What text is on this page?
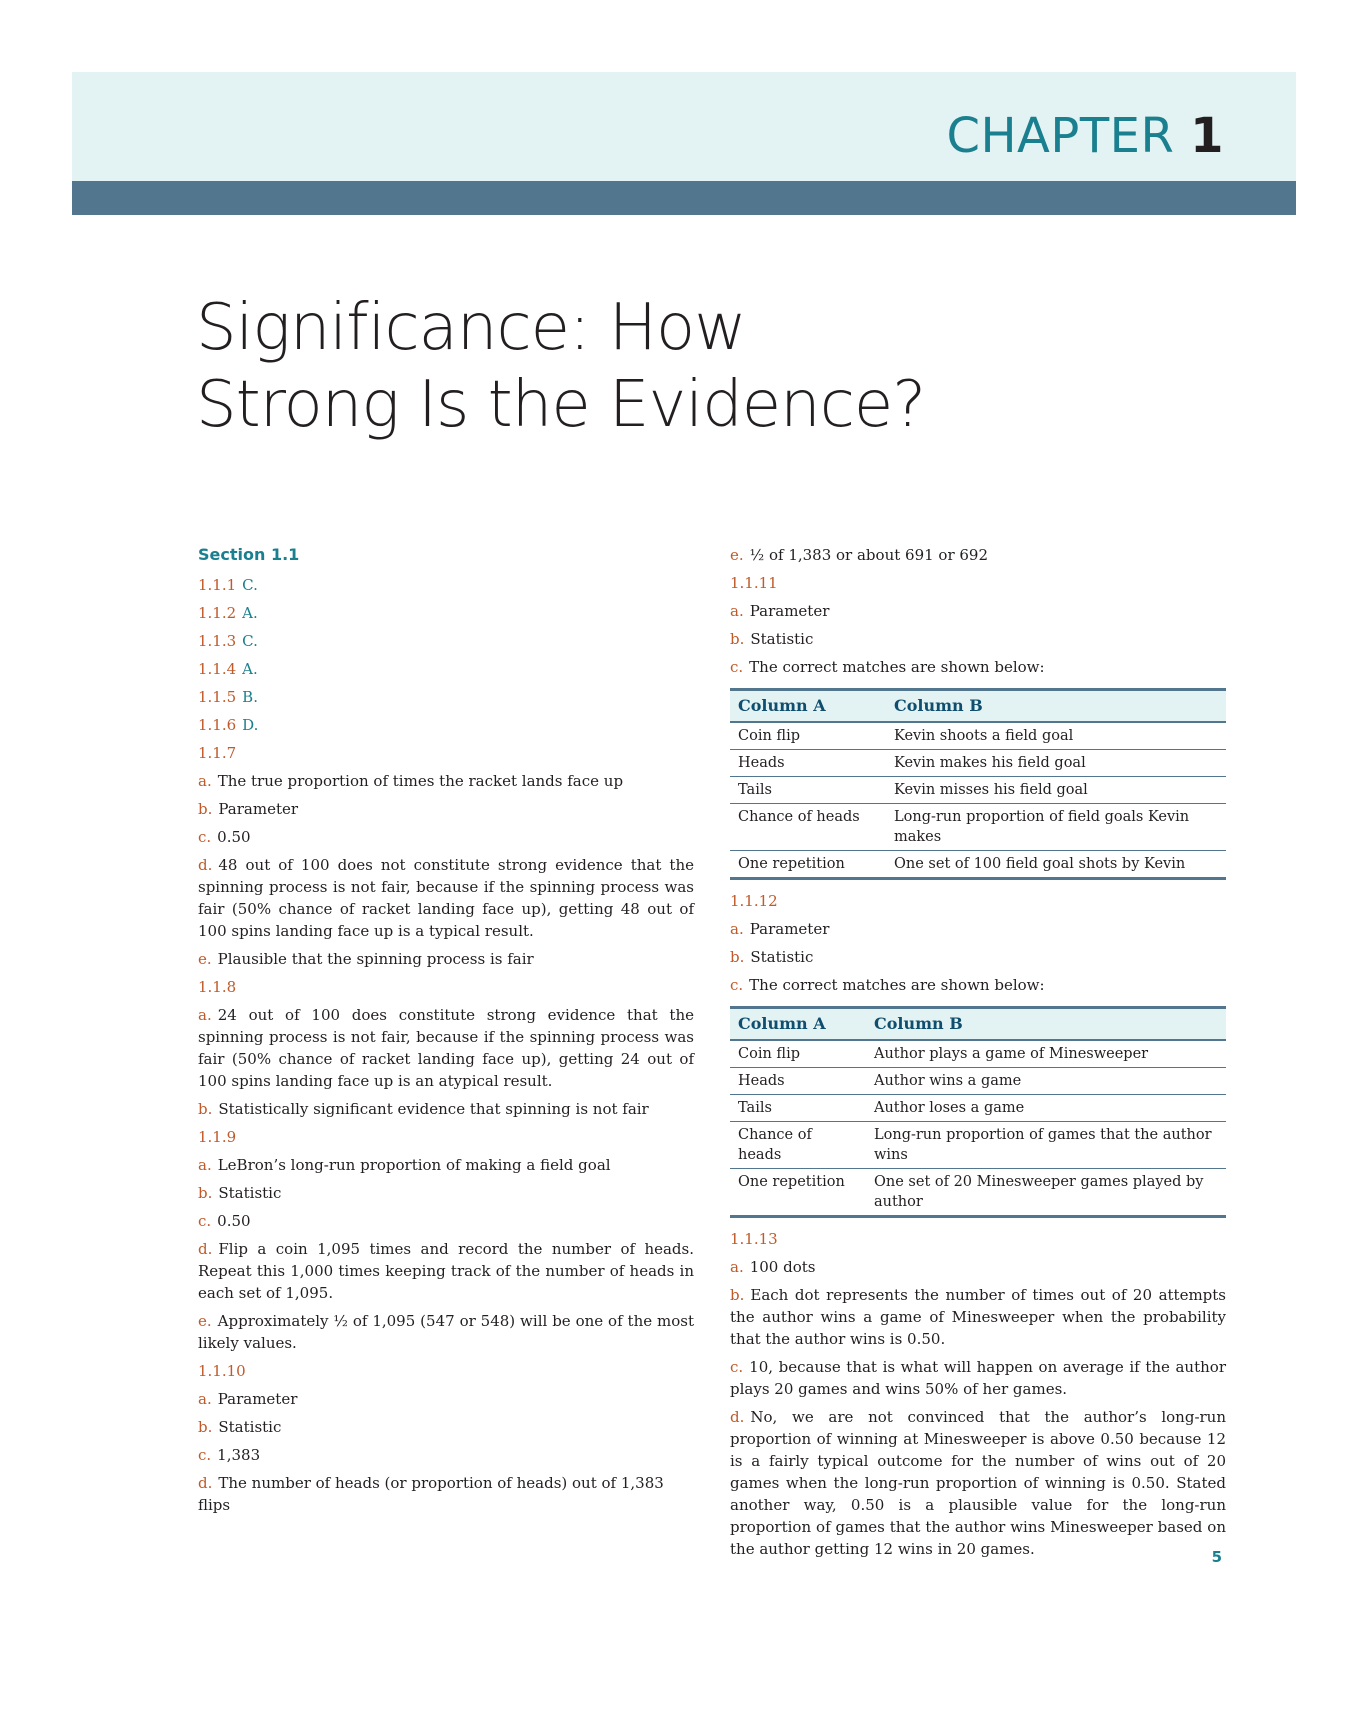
CHAPTER 1
Significance: How
Strong Is the Evidence?
Section 1.1
1.1.1 C.
1.1.2 A.
1.1.3 C.
1.1.4 A.
1.1.5 B.
1.1.6 D.
1.1.7
a. The true proportion of times the racket lands face up
b. Parameter
c. 0.50
d. 48 out of 100 does not constitute strong evidence that the spinning process is not fair, because if the spinning process was fair (50% chance of racket landing face up), getting 48 out of 100 spins landing face up is a typical result.
e. Plausible that the spinning process is fair
1.1.8
a. 24 out of 100 does constitute strong evidence that the spinning process is not fair, because if the spinning process was fair (50% chance of racket landing face up), getting 24 out of 100 spins landing face up is an atypical result.
b. Statistically significant evidence that spinning is not fair
1.1.9
a. LeBron’s long-run proportion of making a field goal
b. Statistic
c. 0.50
d. Flip a coin 1,095 times and record the number of heads. Repeat this 1,000 times keeping track of the number of heads in each set of 1,095.
e. Approximately ½ of 1,095 (547 or 548) will be one of the most likely values.
1.1.10
a. Parameter
b. Statistic
c. 1,383
d. The number of heads (or proportion of heads) out of 1,383 flips
e. ½ of 1,383 or about 691 or 692
1.1.11
a. Parameter
b. Statistic
c. The correct matches are shown below:
Column A	Column B
Coin flip	Kevin shoots a field goal
Heads	Kevin makes his field goal
Tails	Kevin misses his field goal
Chance of heads	Long-run proportion of field goals Kevin makes
One repetition	One set of 100 field goal shots by Kevin
1.1.12
a. Parameter
b. Statistic
c. The correct matches are shown below:
Column A	Column B
Coin flip	Author plays a game of Minesweeper
Heads	Author wins a game
Tails	Author loses a game
Chance of heads	Long-run proportion of games that the author wins
One repetition	One set of 20 Minesweeper games played by author
1.1.13
a. 100 dots
b. Each dot represents the number of times out of 20 attempts the author wins a game of Minesweeper when the probability that the author wins is 0.50.
c. 10, because that is what will happen on average if the author plays 20 games and wins 50% of her games.
d. No, we are not convinced that the author’s long-run proportion of winning at Minesweeper is above 0.50 because 12 is a fairly typical outcome for the number of wins out of 20 games when the long-run proportion of winning is 0.50. Stated another way, 0.50 is a plausible value for the long-run proportion of games that the author wins Minesweeper based on the author getting 12 wins in 20 games.	5
